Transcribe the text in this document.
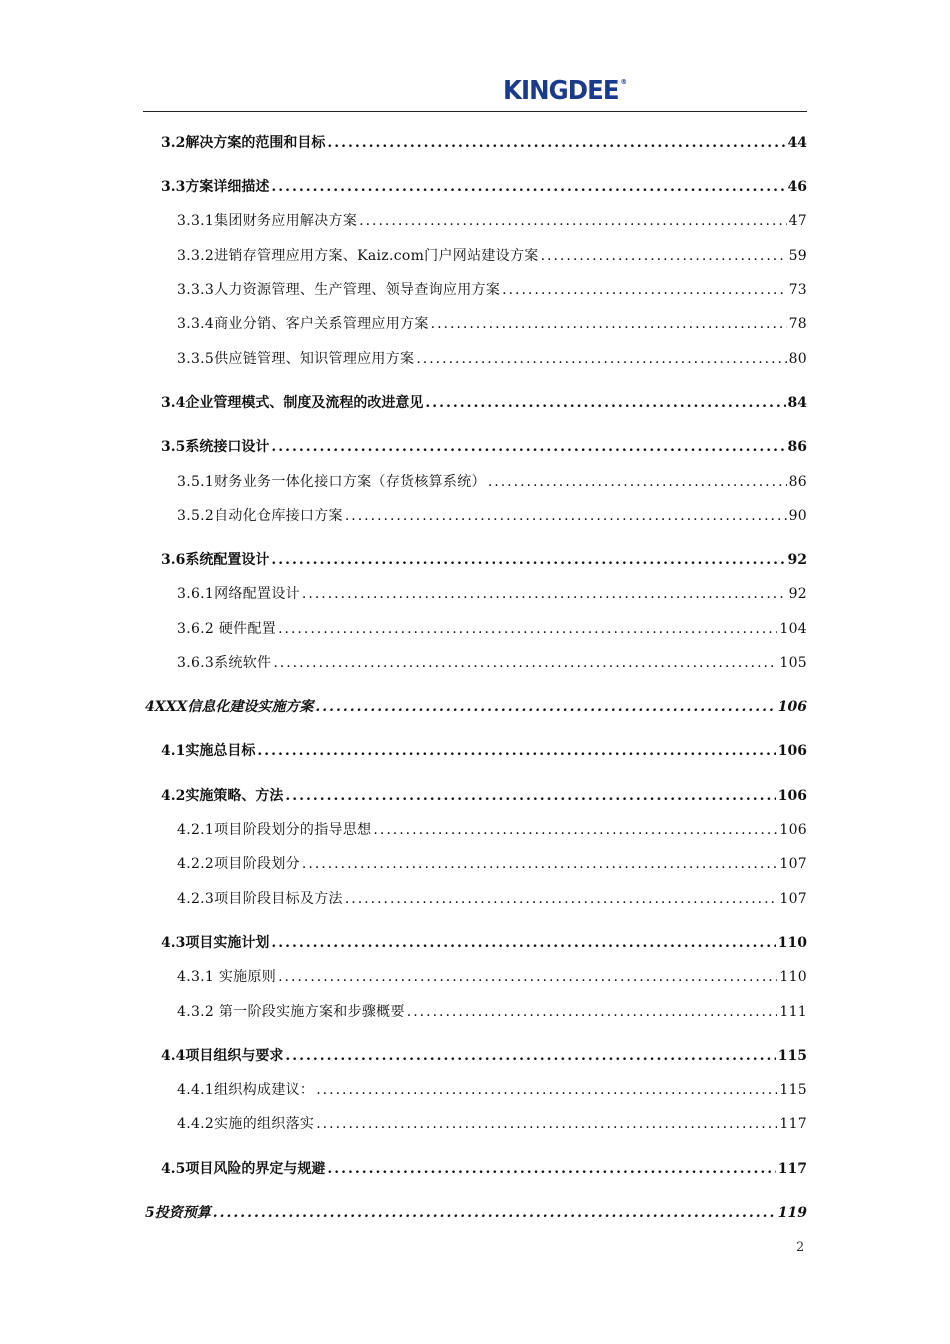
KINGDEE ®
3.2解决方案的范围和目标 .....	44
3.3方案详细描述 .....	46
3.3.1集团财务应用解决方案 .....	47
3.3.2进销存管理应用方案、Kaiz.com门户网站建设方案 .....	59
3.3.3人力资源管理、生产管理、领导查询应用方案 .....	73
3.3.4商业分销、客户关系管理应用方案 .....	78
3.3.5供应链管理、知识管理应用方案 .....	80
3.4企业管理模式、制度及流程的改进意见 .....	84
3.5系统接口设计 .....	86
3.5.1财务业务一体化接口方案（存货核算系统） .....	86
3.5.2自动化仓库接口方案 .....	90
3.6系统配置设计 .....	92
3.6.1网络配置设计 .....	92
3.6.2 硬件配置 .....	104
3.6.3系统软件 .....	105
4XXX信息化建设实施方案 .....	106
4.1实施总目标 .....	106
4.2实施策略、方法 .....	106
4.2.1项目阶段划分的指导思想 .....	106
4.2.2项目阶段划分 .....	107
4.2.3项目阶段目标及方法 .....	107
4.3项目实施计划 .....	110
4.3.1 实施原则 .....	110
4.3.2 第一阶段实施方案和步骤概要 .....	111
4.4项目组织与要求 .....	115
4.4.1组织构成建议： .....	115
4.4.2实施的组织落实 .....	117
4.5项目风险的界定与规避 .....	117
5投资预算 .....	119
2
